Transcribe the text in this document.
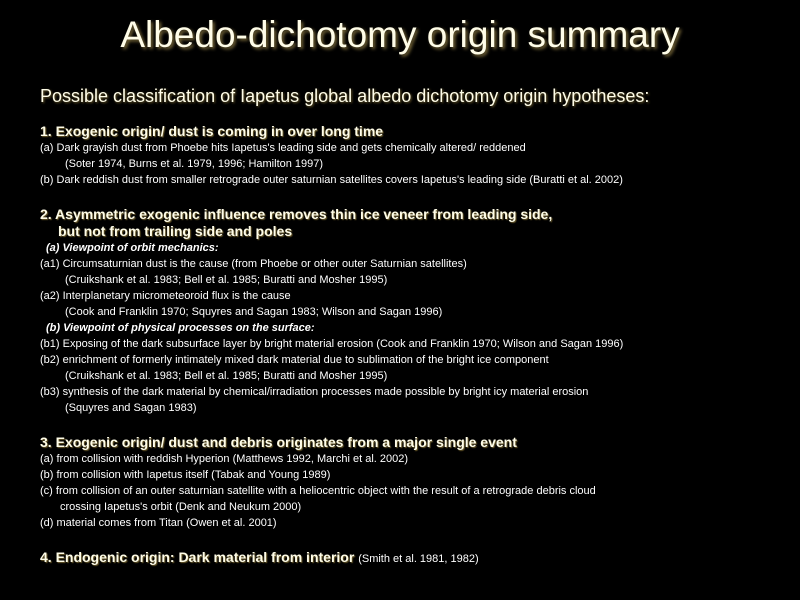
Albedo-dichotomy origin summary
Possible classification of Iapetus global albedo dichotomy origin hypotheses:
1. Exogenic origin/ dust is coming in over long time
(a) Dark grayish dust from Phoebe hits Iapetus's leading side and gets chemically altered/ reddened
(Soter 1974, Burns et al. 1979, 1996; Hamilton 1997)
(b) Dark reddish dust from smaller retrograde outer saturnian satellites covers Iapetus's leading side (Buratti et al. 2002)
2. Asymmetric exogenic influence removes thin ice veneer from leading side,
but not from trailing side and poles
(a) Viewpoint of orbit mechanics:
(a1) Circumsaturnian dust is the cause (from Phoebe or other outer Saturnian satellites)
(Cruikshank et al. 1983; Bell et al. 1985; Buratti and Mosher 1995)
(a2) Interplanetary micrometeoroid flux is the cause
(Cook and Franklin 1970; Squyres and Sagan 1983; Wilson and Sagan 1996)
(b) Viewpoint of physical processes on the surface:
(b1) Exposing of the dark subsurface layer by bright material erosion (Cook and Franklin 1970; Wilson and Sagan 1996)
(b2) enrichment of formerly intimately mixed dark material due to sublimation of the bright ice component
(Cruikshank et al. 1983; Bell et al. 1985; Buratti and Mosher 1995)
(b3) synthesis of the dark material by chemical/irradiation processes made possible by bright icy material erosion
(Squyres and Sagan 1983)
3. Exogenic origin/ dust and debris originates from a major single event
(a) from collision with reddish Hyperion (Matthews 1992, Marchi et al. 2002)
(b) from collision with Iapetus itself (Tabak and Young 1989)
(c) from collision of an outer saturnian satellite with a heliocentric object with the result of a retrograde debris cloud
crossing Iapetus's orbit (Denk and Neukum 2000)
(d) material comes from Titan (Owen et al. 2001)
4. Endogenic origin: Dark material from interior (Smith et al. 1981, 1982)
